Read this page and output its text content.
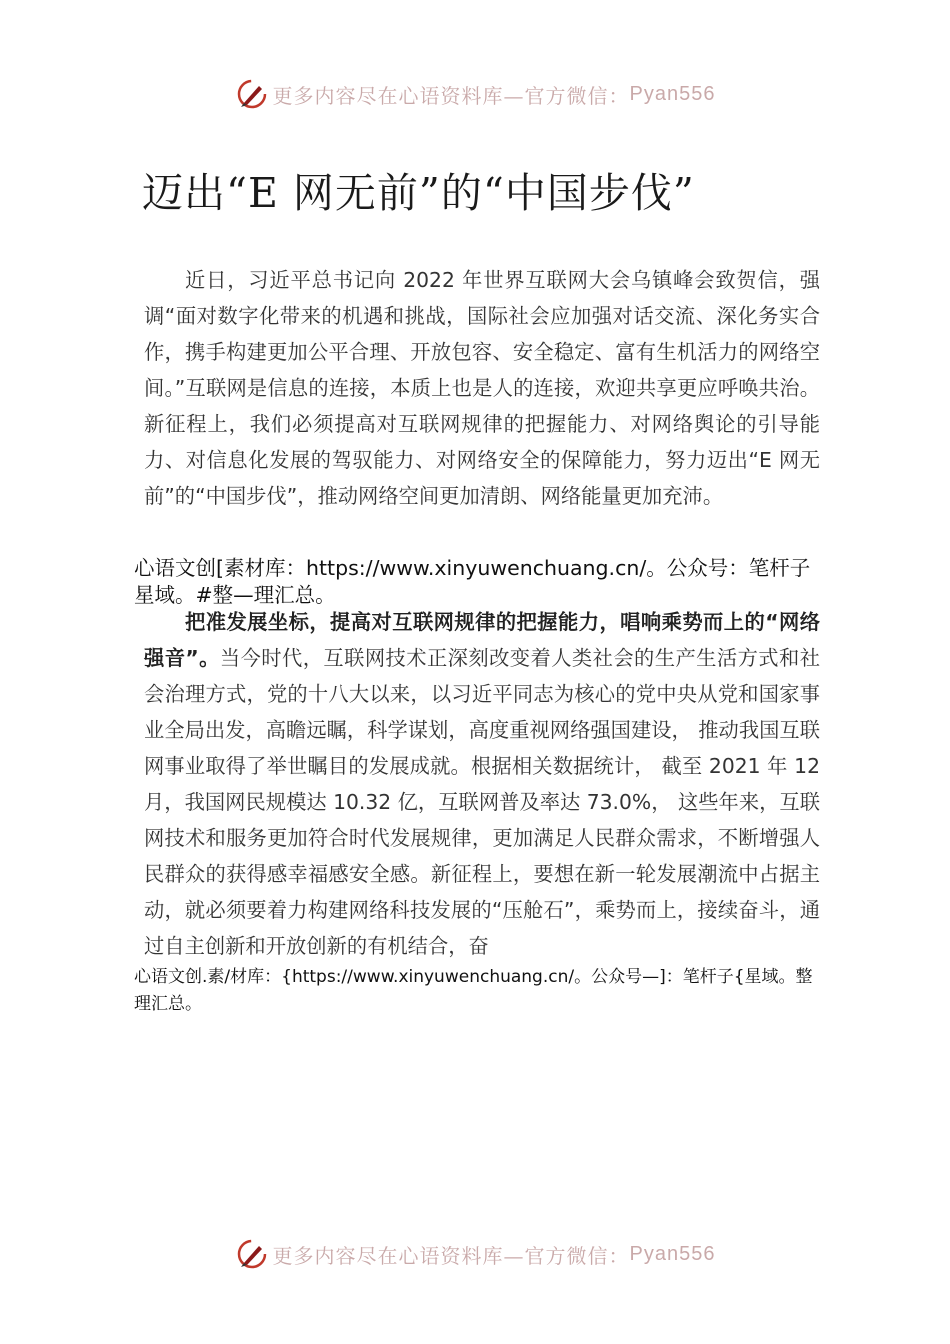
更多内容尽在心语资料库—官方微信： Pyan556
迈出“E 网无前”的“中国步伐”

近日，习近平总书记向 2022 年世界互联网大会乌镇峰会致贺信，强调“面对数字化带来的机遇和挑战，国际社会应加强对话交流、深化务实合作，携手构建更加公平合理、开放包容、安全稳定、富有生机活力的网络空间。”互联网是信息的连接，本质上也是人的连接，欢迎共享更应呼唤共治。新征程上，我们必须提高对互联网规律的把握能力、对网络舆论的引导能力、对信息化发展的驾驭能力、对网络安全的保障能力，努力迈出“E 网无前”的“中国步伐”，推动网络空间更加清朗、网络能量更加充沛。

心语文创[素材库：https://www.xinyuwenchuang.cn/。公众号：笔杆子星域。#整—理汇总。

把准发展坐标，提高对互联网规律的把握能力，唱响乘势而上的“网络强音”。当今时代，互联网技术正深刻改变着人类社会的生产生活方式和社会治理方式，党的十八大以来，以习近平同志为核心的党中央从党和国家事业全局出发，高瞻远瞩，科学谋划，高度重视网络强国建设， 推动我国互联网事业取得了举世瞩目的发展成就。根据相关数据统计， 截至 2021 年 12 月，我国网民规模达 10.32 亿，互联网普及率达 73.0%， 这些年来，互联网技术和服务更加符合时代发展规律，更加满足人民群众需求，不断增强人民群众的获得感幸福感安全感。新征程上，要想在新一轮发展潮流中占据主动，就必须要着力构建网络科技发展的“压舱石”，乘势而上，接续奋斗，通过自主创新和开放创新的有机结合，奋

心语文创.素/材库：{https://www.xinyuwenchuang.cn/。公众号—]：笔杆子{星域。整理汇总。

更多内容尽在心语资料库—官方微信： Pyan556
